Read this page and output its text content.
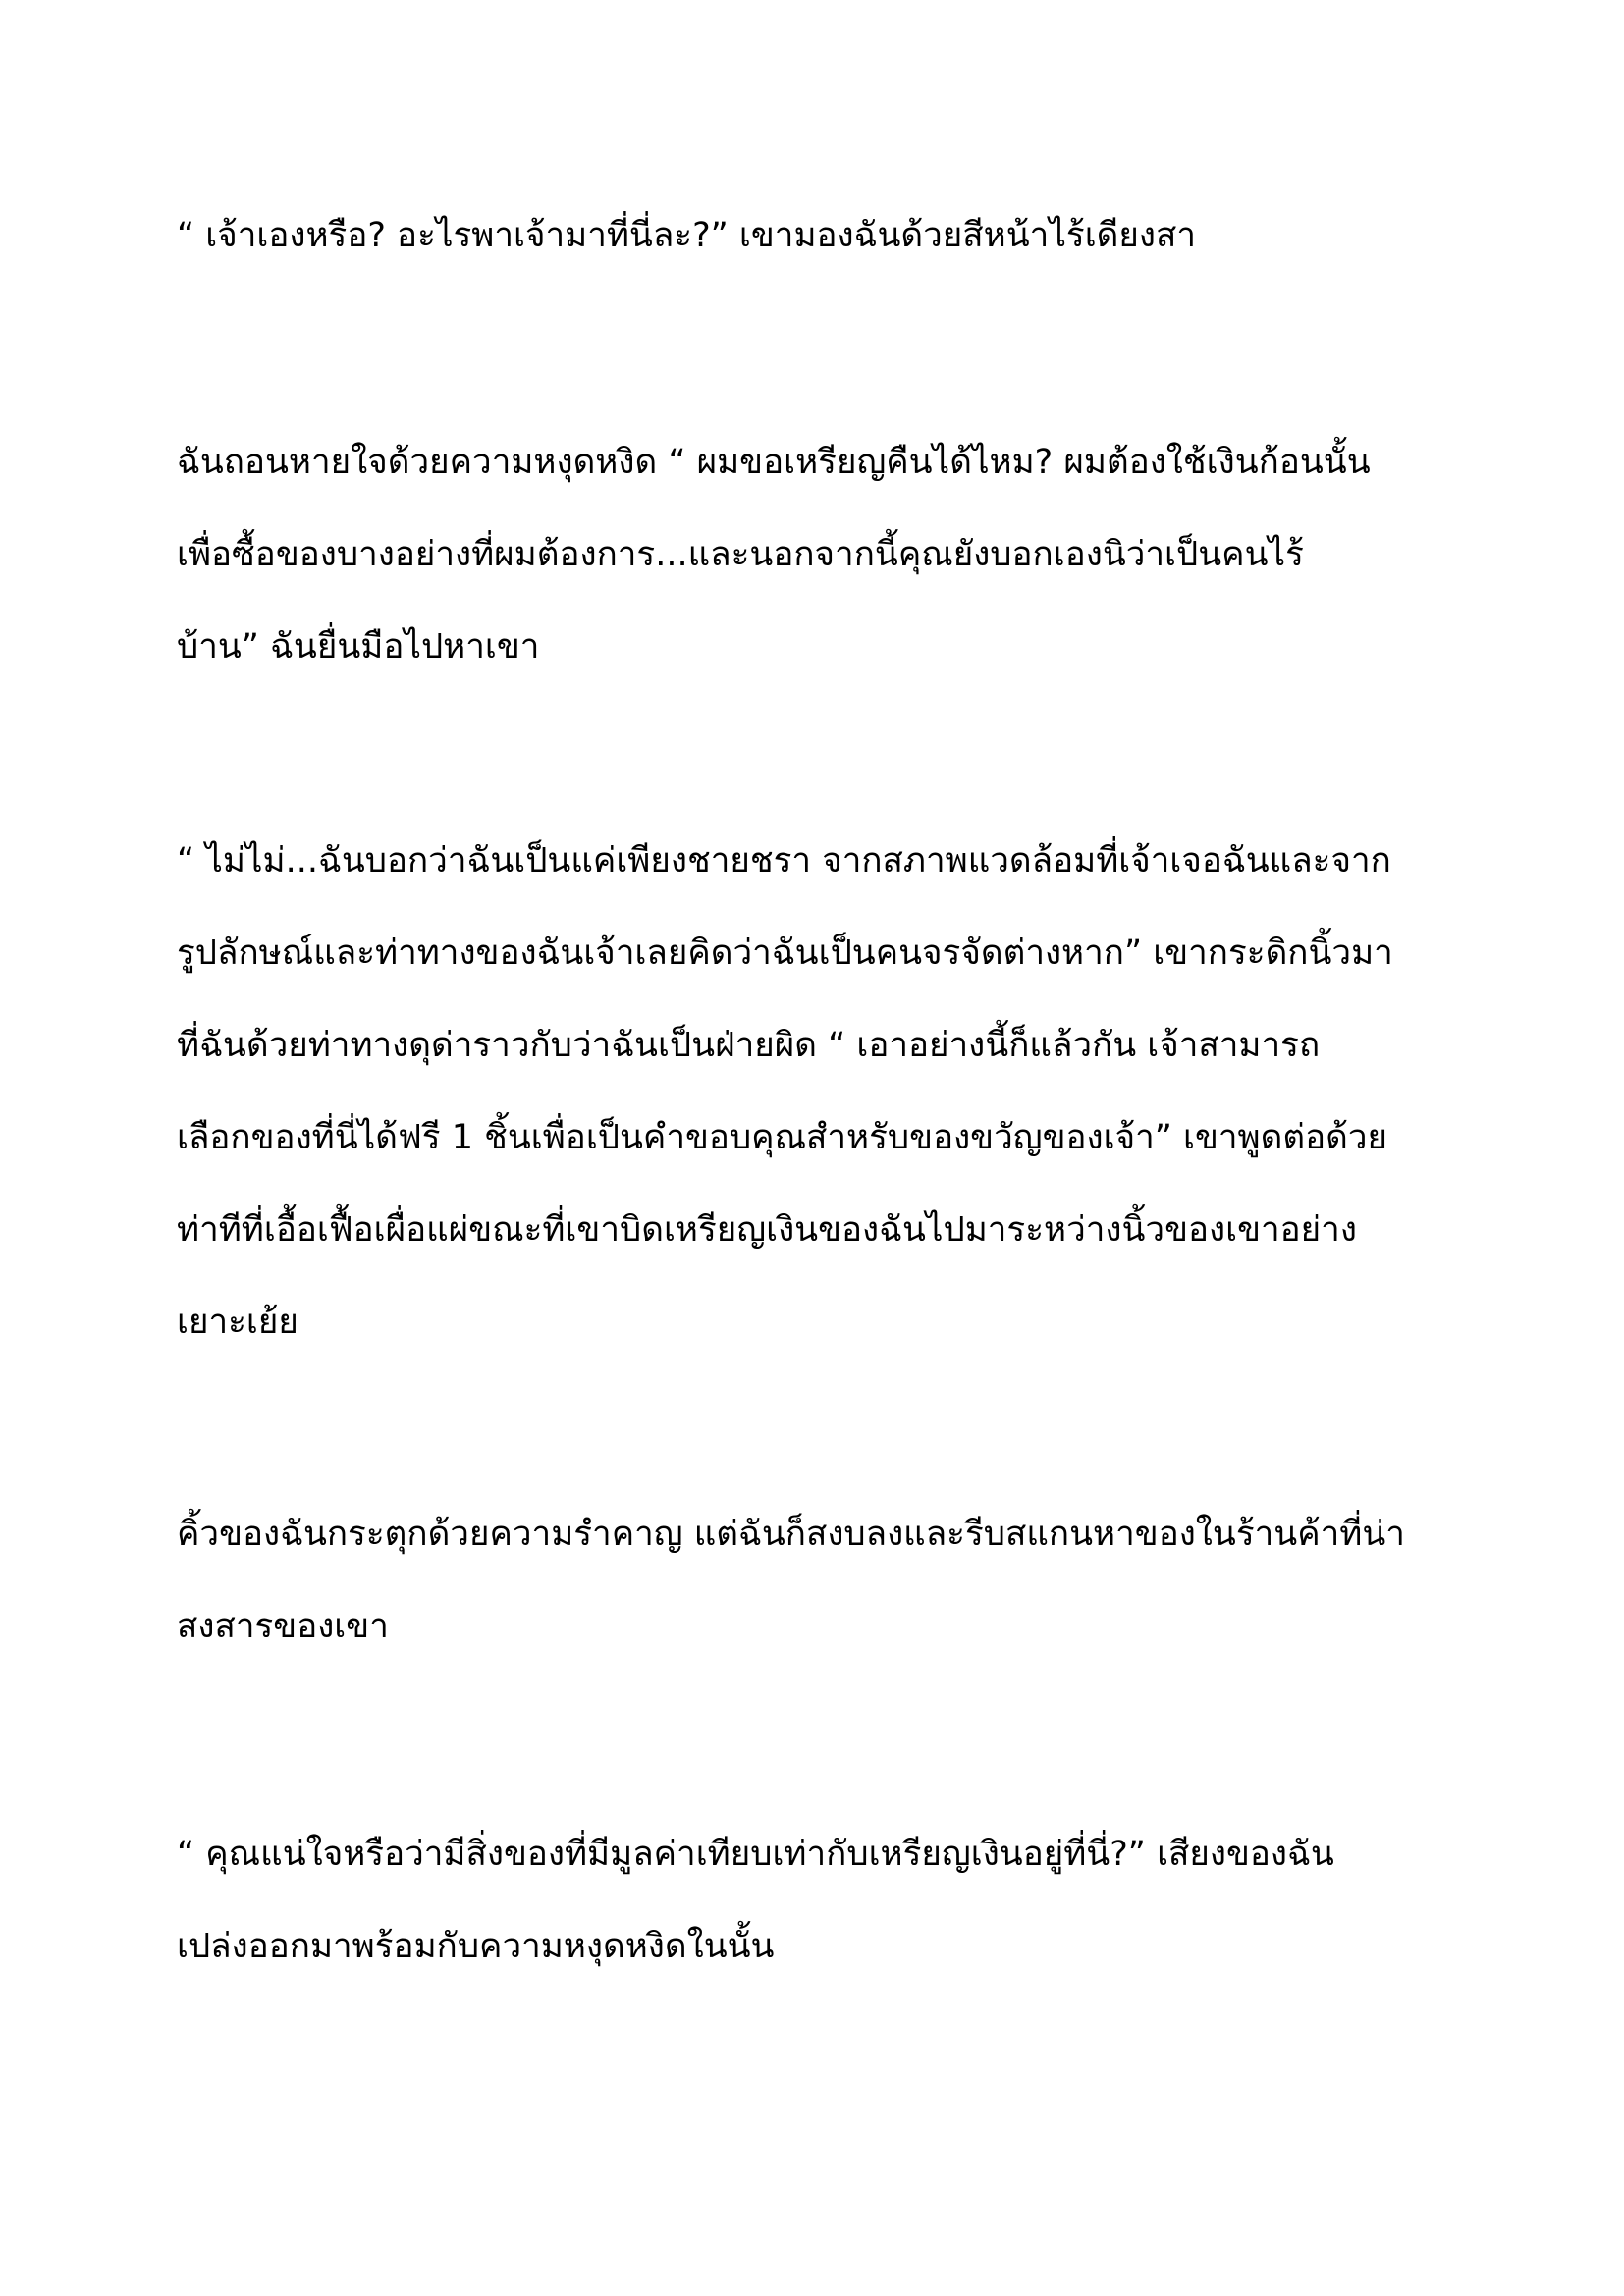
“ เจ้าเองหรือ? อะไรพาเจ้ามาที่นี่ละ?” เขามองฉันด้วยสีหน้าไร้เดียงสา
ฉันถอนหายใจด้วยความหงุดหงิด “ ผมขอเหรียญคืนได้ไหม? ผมต้องใช้เงินก้อนนั้น
เพื่อซื้อของบางอย่างที่ผมต้องการ...และนอกจากนี้คุณยังบอกเองนิว่าเป็นคนไร้
บ้าน” ฉันยื่นมือไปหาเขา
“ ไม่ไม่...ฉันบอกว่าฉันเป็นแค่เพียงชายชรา จากสภาพแวดล้อมที่เจ้าเจอฉันและจาก
รูปลักษณ์และท่าทางของฉันเจ้าเลยคิดว่าฉันเป็นคนจรจัดต่างหาก” เขากระดิกนิ้วมา
ที่ฉันด้วยท่าทางดุด่าราวกับว่าฉันเป็นฝ่ายผิด “ เอาอย่างนี้ก็แล้วกัน เจ้าสามารถ
เลือกของที่นี่ได้ฟรี 1 ชิ้นเพื่อเป็นคำขอบคุณสำหรับของขวัญของเจ้า” เขาพูดต่อด้วย
ท่าทีที่เอื้อเฟื้อเผื่อแผ่ขณะที่เขาบิดเหรียญเงินของฉันไปมาระหว่างนิ้วของเขาอย่าง
เยาะเย้ย
คิ้วของฉันกระตุกด้วยความรำคาญ แต่ฉันก็สงบลงและรีบสแกนหาของในร้านค้าที่น่า
สงสารของเขา
“ คุณแน่ใจหรือว่ามีสิ่งของที่มีมูลค่าเทียบเท่ากับเหรียญเงินอยู่ที่นี่?” เสียงของฉัน
เปล่งออกมาพร้อมกับความหงุดหงิดในนั้น
